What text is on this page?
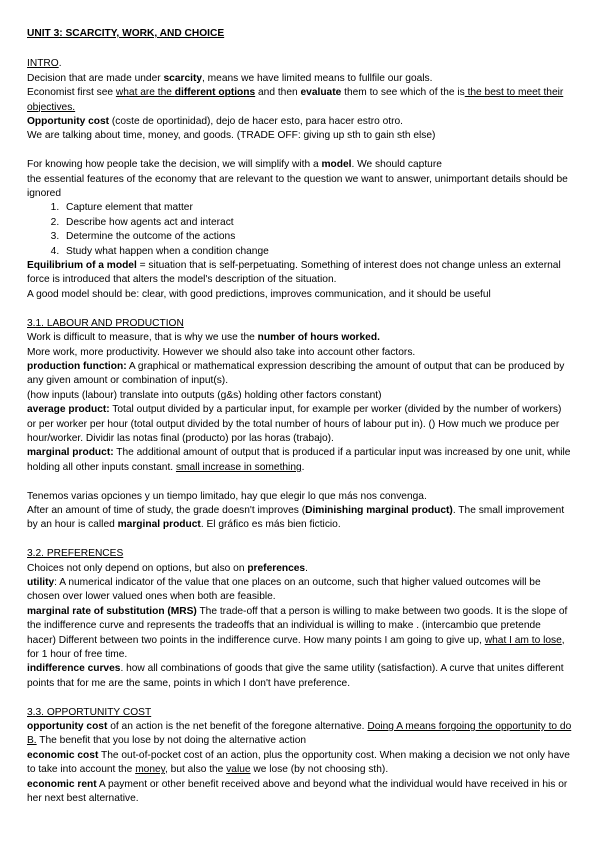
UNIT 3: SCARCITY, WORK, AND CHOICE

INTRO.

Decision that are made under scarcity, means we have limited means to fullfile our goals.

Economist first see what are the different options and then evaluate them to see which of the is the best to meet their objectives.

Opportunity cost (coste de oportinidad), dejo de hacer esto, para hacer estro otro.

We are talking about time, money, and goods. (TRADE OFF: giving up sth to gain sth else)

For knowing how people take the decision, we will simplify with a model. We should capture

the essential features of the economy that are relevant to the question we want to answer, unimportant details should be ignored

1. Capture element that matter
2. Describe how agents act and interact
3. Determine the outcome of the actions
4. Study what happen when a condition change

Equilibrium of a model = situation that is self-perpetuating. Something of interest does not change unless an external force is introduced that alters the model's description of the situation.

A good model should be: clear, with good predictions, improves communication, and it should be useful

3.1. LABOUR AND PRODUCTION

Work is difficult to measure, that is why we use the number of hours worked.

More work, more productivity. However we should also take into account other factors.

production function: A graphical or mathematical expression describing the amount of output that can be produced by any given amount or combination of input(s).

(how inputs (labour) translate into outputs (g&s) holding other factors constant)

average product: Total output divided by a particular input, for example per worker (divided by the number of workers) or per worker per hour (total output divided by the total number of hours of labour put in). () How much we produce per hour/worker. Dividir las notas final (producto) por las horas (trabajo).

marginal product: The additional amount of output that is produced if a particular input was increased by one unit, while holding all other inputs constant. small increase in something.

Tenemos varias opciones y un tiempo limitado, hay que elegir lo que más nos convenga.

After an amount of time of study, the grade doesn't improves (Diminishing marginal product). The small improvement by an hour is called marginal product. El gráfico es más bien ficticio.

3.2. PREFERENCES

Choices not only depend on options, but also on preferences.

utility: A numerical indicator of the value that one places on an outcome, such that higher valued outcomes will be chosen over lower valued ones when both are feasible.

marginal rate of substitution (MRS) The trade-off that a person is willing to make between two goods. It is the slope of the indifference curve and represents the tradeoffs that an individual is willing to make . (intercambio que pretende hacer) Different between two points in the indifference curve. How many points I am going to give up, what I am to lose, for 1 hour of free time.

indifference curves. how all combinations of goods that give the same utility (satisfaction). A curve that unites different points that for me are the same, points in which I don't have preference.

3.3. OPPORTUNITY COST

opportunity cost of an action is the net benefit of the foregone alternative. Doing A means forgoing the opportunity to do B. The benefit that you lose by not doing the alternative action

economic cost The out-of-pocket cost of an action, plus the opportunity cost. When making a decision we not only have to take into account the money, but also the value we lose (by not choosing sth).

economic rent A payment or other benefit received above and beyond what the individual would have received in his or her next best alternative.
